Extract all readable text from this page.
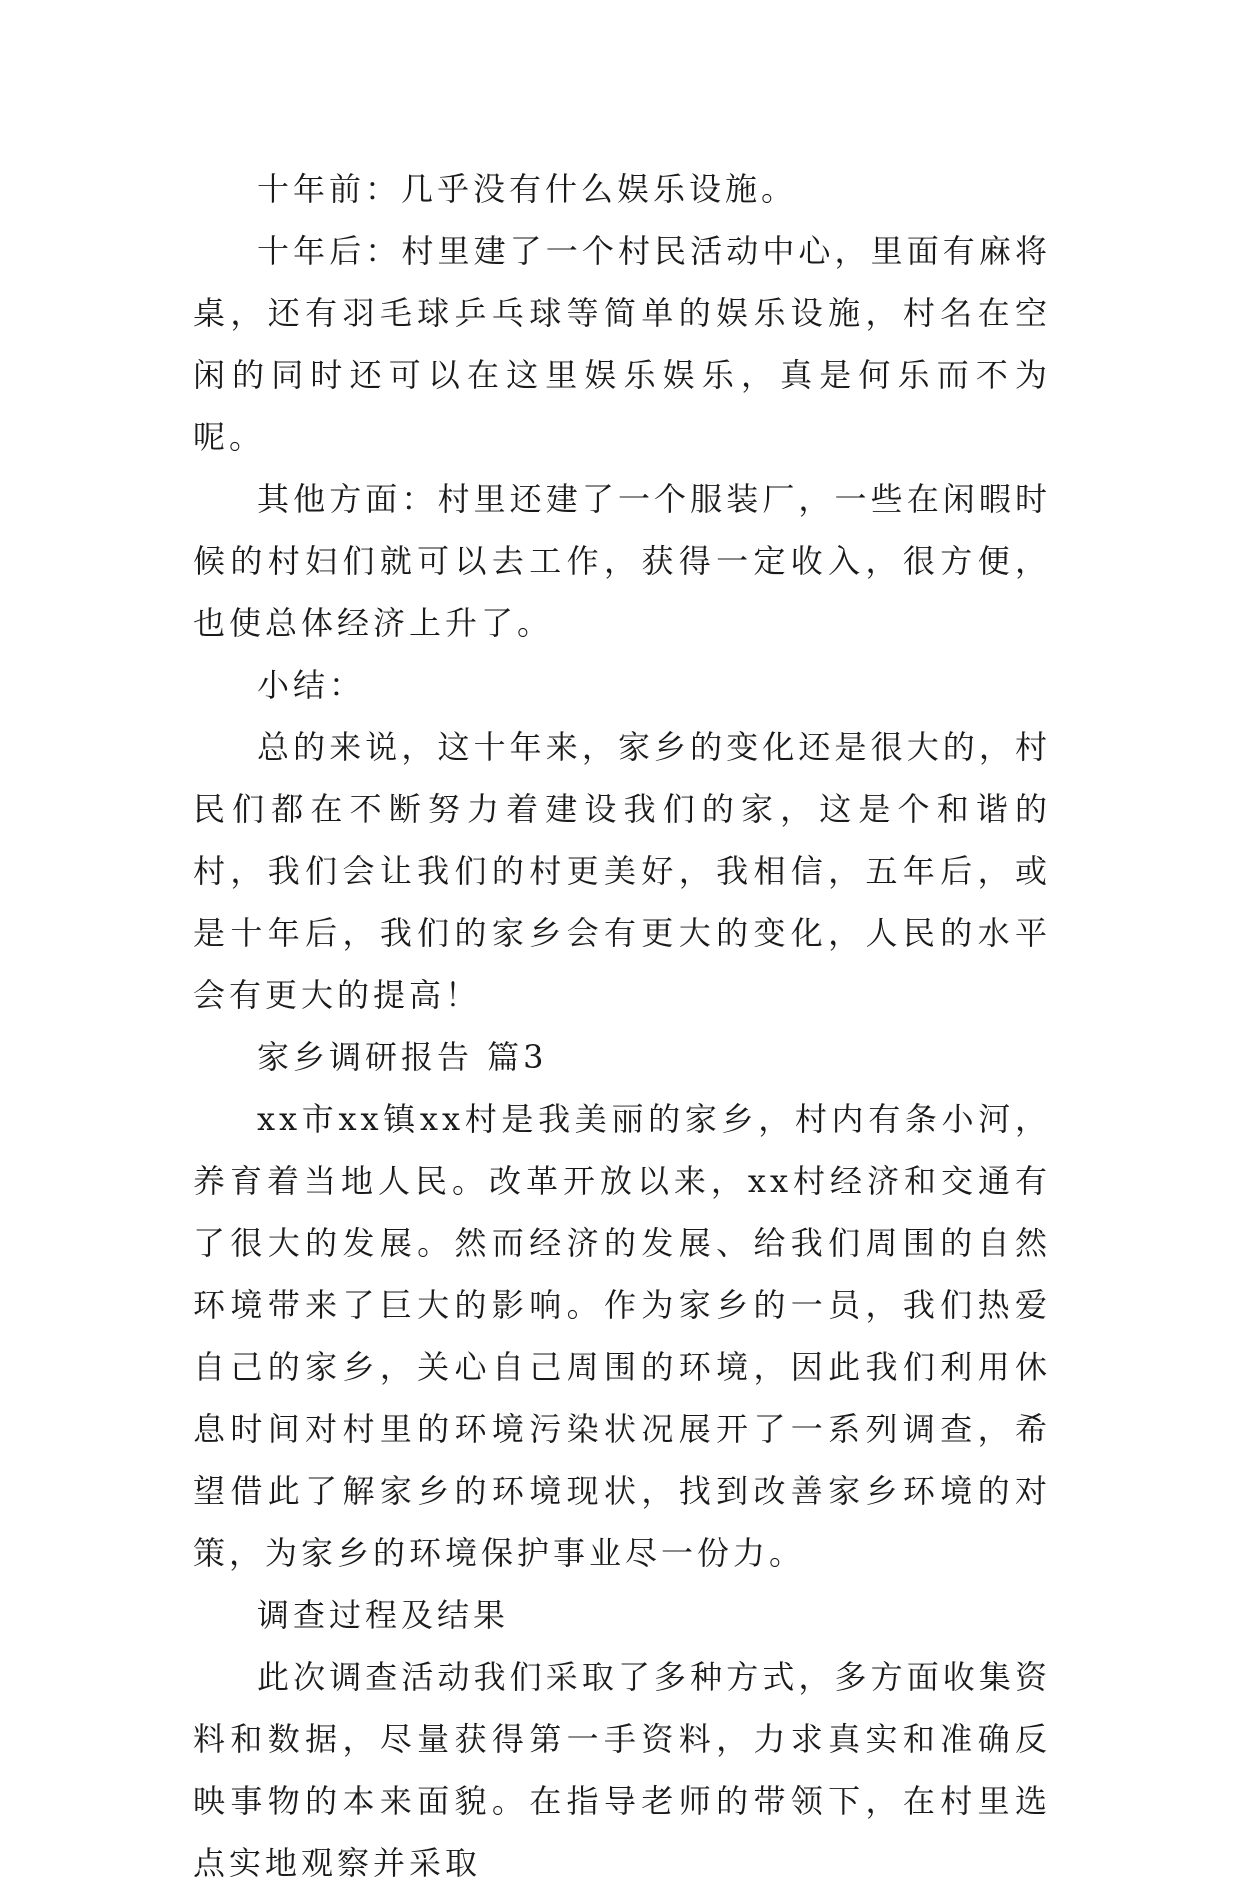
十年前：几乎没有什么娱乐设施。

十年后：村里建了一个村民活动中心，里面有麻将桌，还有羽毛球乒乓球等简单的娱乐设施，村名在空闲的同时还可以在这里娱乐娱乐，真是何乐而不为呢。

其他方面：村里还建了一个服装厂，一些在闲暇时候的村妇们就可以去工作，获得一定收入，很方便，也使总体经济上升了。

小结：

总的来说，这十年来，家乡的变化还是很大的，村民们都在不断努力着建设我们的家，这是个和谐的村，我们会让我们的村更美好，我相信，五年后，或是十年后，我们的家乡会有更大的变化，人民的水平会有更大的提高！

家乡调研报告 篇3

xx市xx镇xx村是我美丽的家乡，村内有条小河，养育着当地人民。改革开放以来，xx村经济和交通有了很大的发展。然而经济的发展、给我们周围的自然环境带来了巨大的影响。作为家乡的一员，我们热爱自己的家乡，关心自己周围的环境，因此我们利用休息时间对村里的环境污染状况展开了一系列调查，希望借此了解家乡的环境现状，找到改善家乡环境的对策，为家乡的环境保护事业尽一份力。

调查过程及结果

此次调查活动我们采取了多种方式，多方面收集资料和数据，尽量获得第一手资料，力求真实和准确反映事物的本来面貌。在指导老师的带领下，在村里选点实地观察并采取
